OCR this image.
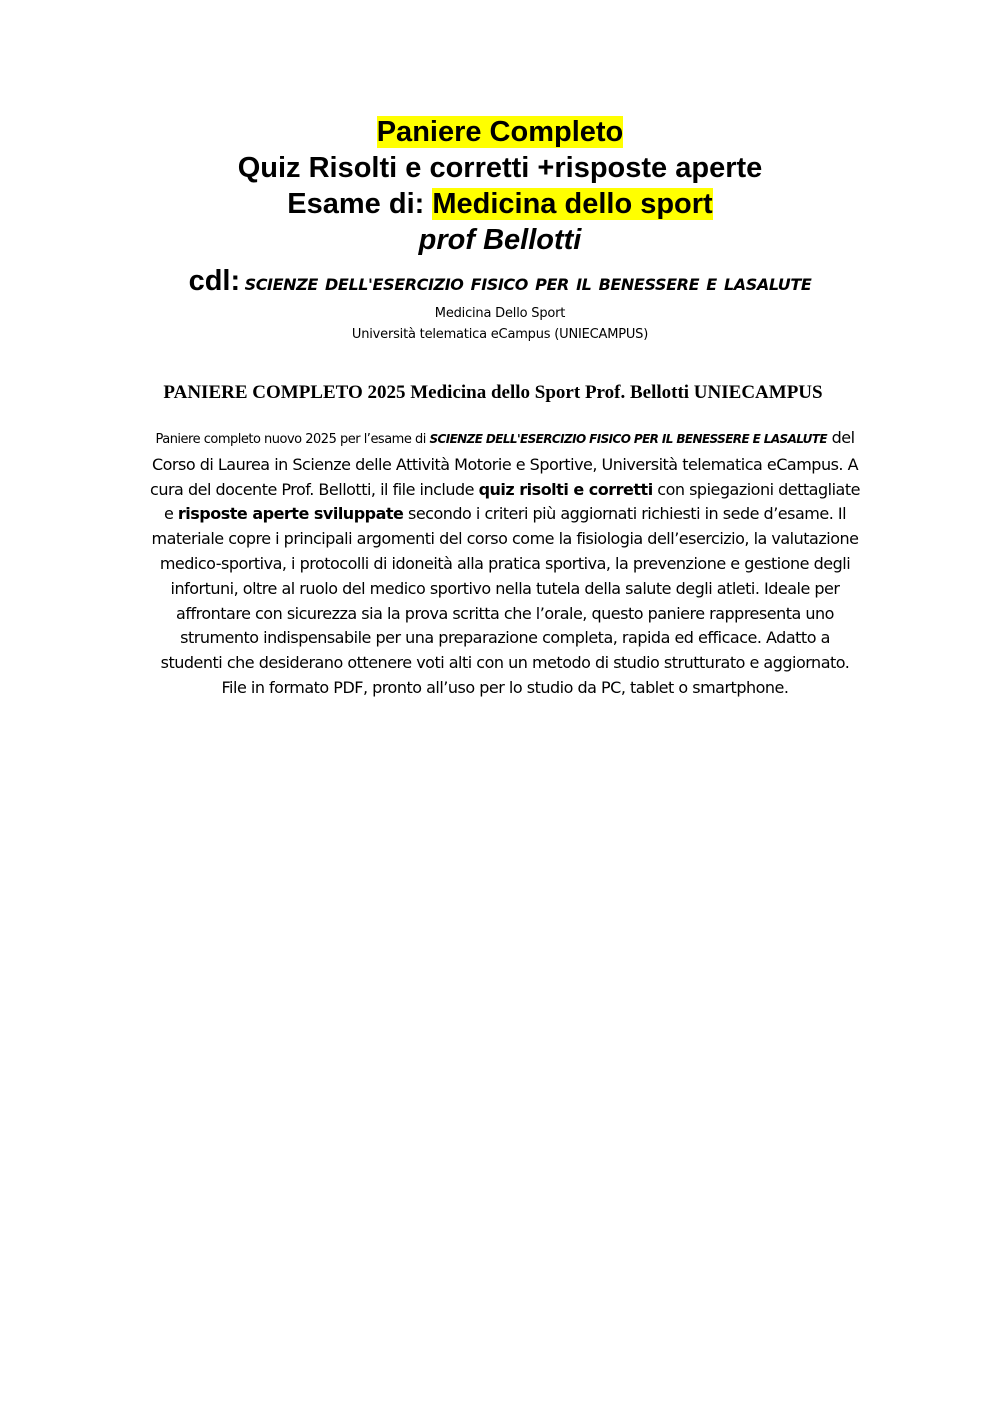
Paniere Completo
Quiz Risolti e corretti +risposte aperte
Esame di: Medicina dello sport
prof Bellotti
cdl: SCIENZE DELL'ESERCIZIO FISICO PER IL BENESSERE E LASALUTE
Medicina Dello Sport
Università telematica eCampus (UNIECAMPUS)
PANIERE COMPLETO 2025 Medicina dello Sport Prof. Bellotti UNIECAMPUS

Paniere completo nuovo 2025 per l’esame di SCIENZE DELL'ESERCIZIO FISICO PER IL BENESSERE E LASALUTE del Corso di Laurea in Scienze delle Attività Motorie e Sportive, Università telematica eCampus. A cura del docente Prof. Bellotti, il file include quiz risolti e corretti con spiegazioni dettagliate e risposte aperte sviluppate secondo i criteri più aggiornati richiesti in sede d’esame. Il materiale copre i principali argomenti del corso come la fisiologia dell’esercizio, la valutazione medico-sportiva, i protocolli di idoneità alla pratica sportiva, la prevenzione e gestione degli infortuni, oltre al ruolo del medico sportivo nella tutela della salute degli atleti. Ideale per affrontare con sicurezza sia la prova scritta che l’orale, questo paniere rappresenta uno strumento indispensabile per una preparazione completa, rapida ed efficace. Adatto a studenti che desiderano ottenere voti alti con un metodo di studio strutturato e aggiornato. File in formato PDF, pronto all’uso per lo studio da PC, tablet o smartphone.
